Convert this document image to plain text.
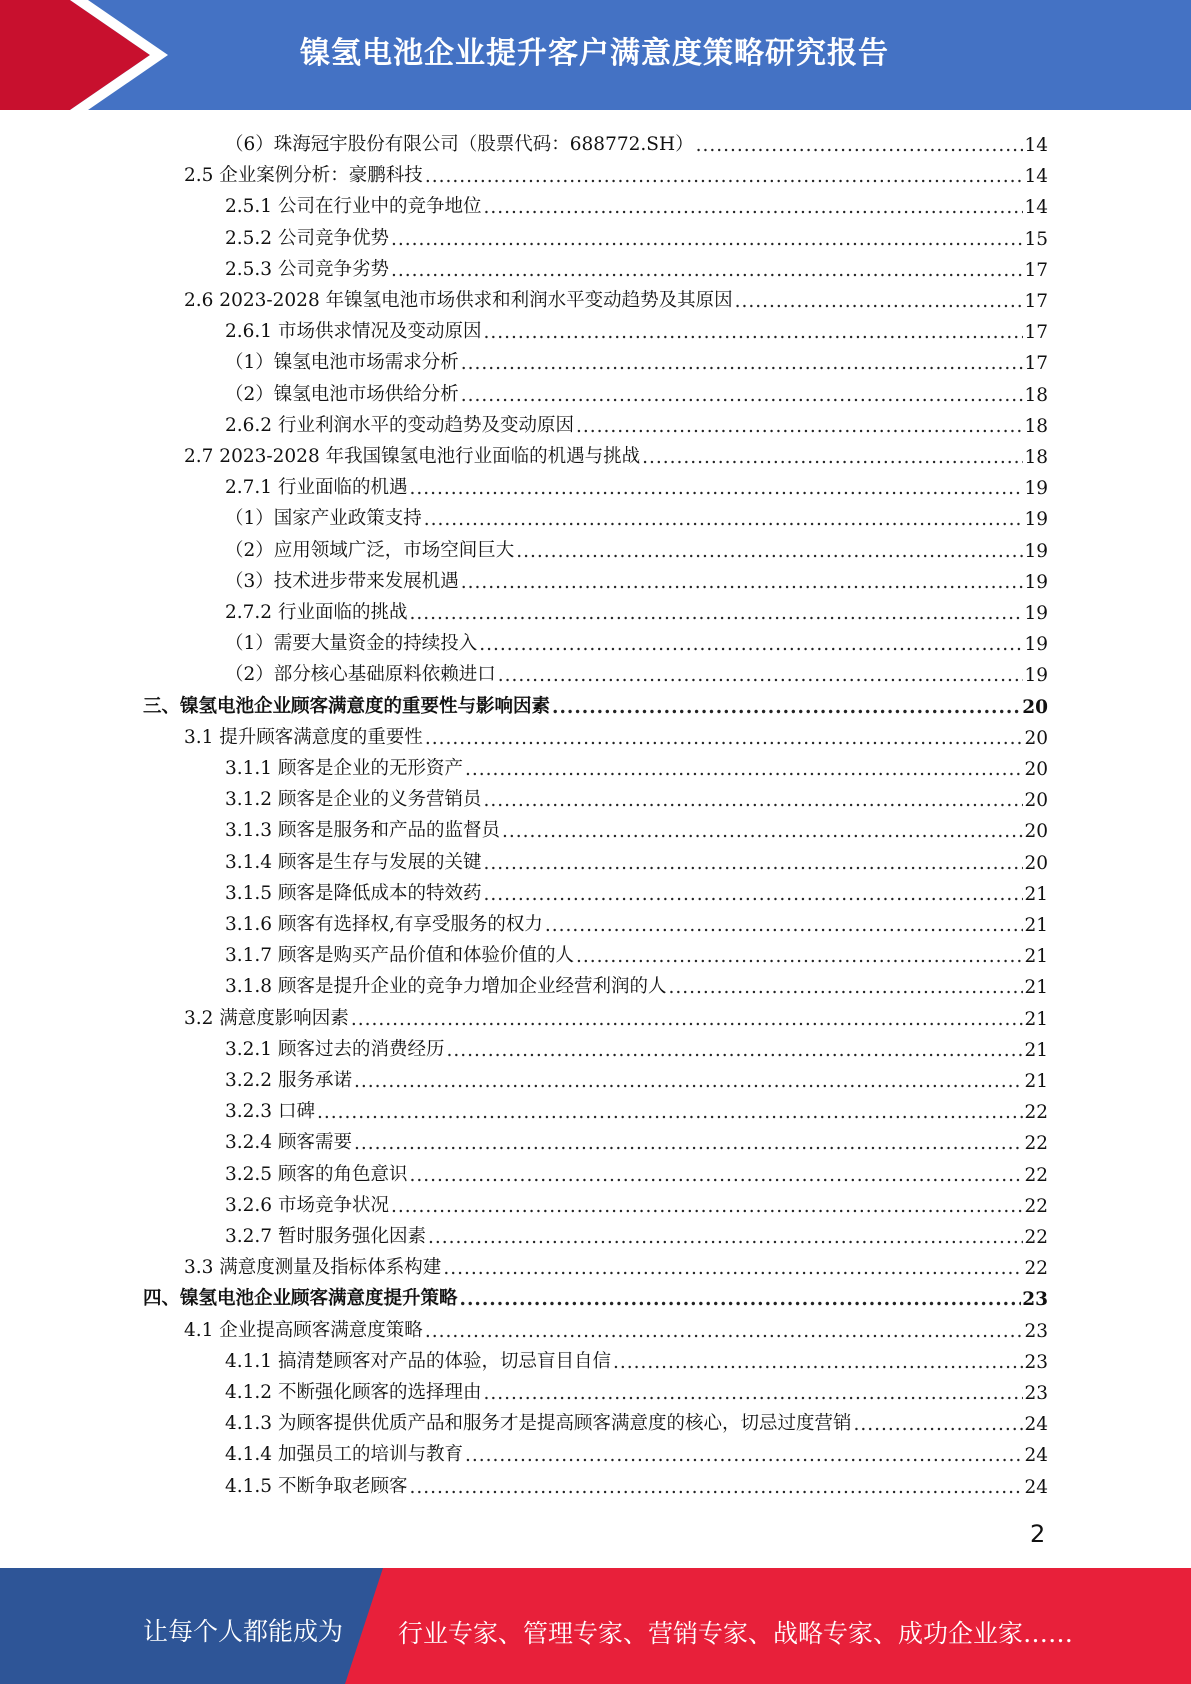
镍氢电池企业提升客户满意度策略研究报告
（6）珠海冠宇股份有限公司（股票代码：688772.SH） .....	14
2.5 企业案例分析：豪鹏科技 .....	14
2.5.1 公司在行业中的竞争地位 .....	14
2.5.2 公司竞争优势 .....	15
2.5.3 公司竞争劣势 .....	17
2.6 2023-2028 年镍氢电池市场供求和利润水平变动趋势及其原因 .....	17
2.6.1 市场供求情况及变动原因 .....	17
（1）镍氢电池市场需求分析 .....	17
（2）镍氢电池市场供给分析 .....	18
2.6.2 行业利润水平的变动趋势及变动原因 .....	18
2.7 2023-2028 年我国镍氢电池行业面临的机遇与挑战 .....	18
2.7.1 行业面临的机遇 .....	19
（1）国家产业政策支持 .....	19
（2）应用领域广泛，市场空间巨大 .....	19
（3）技术进步带来发展机遇 .....	19
2.7.2 行业面临的挑战 .....	19
（1）需要大量资金的持续投入 .....	19
（2）部分核心基础原料依赖进口 .....	19
三、镍氢电池企业顾客满意度的重要性与影响因素 .....	20
3.1 提升顾客满意度的重要性 .....	20
3.1.1 顾客是企业的无形资产 .....	20
3.1.2 顾客是企业的义务营销员 .....	20
3.1.3 顾客是服务和产品的监督员 .....	20
3.1.4 顾客是生存与发展的关键 .....	20
3.1.5 顾客是降低成本的特效药 .....	21
3.1.6 顾客有选择权,有享受服务的权力 .....	21
3.1.7 顾客是购买产品价值和体验价值的人 .....	21
3.1.8 顾客是提升企业的竞争力增加企业经营利润的人 .....	21
3.2 满意度影响因素 .....	21
3.2.1 顾客过去的消费经历 .....	21
3.2.2 服务承诺 .....	21
3.2.3 口碑 .....	22
3.2.4 顾客需要 .....	22
3.2.5 顾客的角色意识 .....	22
3.2.6 市场竞争状况 .....	22
3.2.7 暂时服务强化因素 .....	22
3.3 满意度测量及指标体系构建 .....	22
四、镍氢电池企业顾客满意度提升策略 .....	23
4.1 企业提高顾客满意度策略 .....	23
4.1.1 搞清楚顾客对产品的体验，切忌盲目自信 .....	23
4.1.2 不断强化顾客的选择理由 .....	23
4.1.3 为顾客提供优质产品和服务才是提高顾客满意度的核心，切忌过度营销 .....	24
4.1.4 加强员工的培训与教育 .....	24
4.1.5 不断争取老顾客 .....	24
2
让每个人都能成为 行业专家、管理专家、营销专家、战略专家、成功企业家……
